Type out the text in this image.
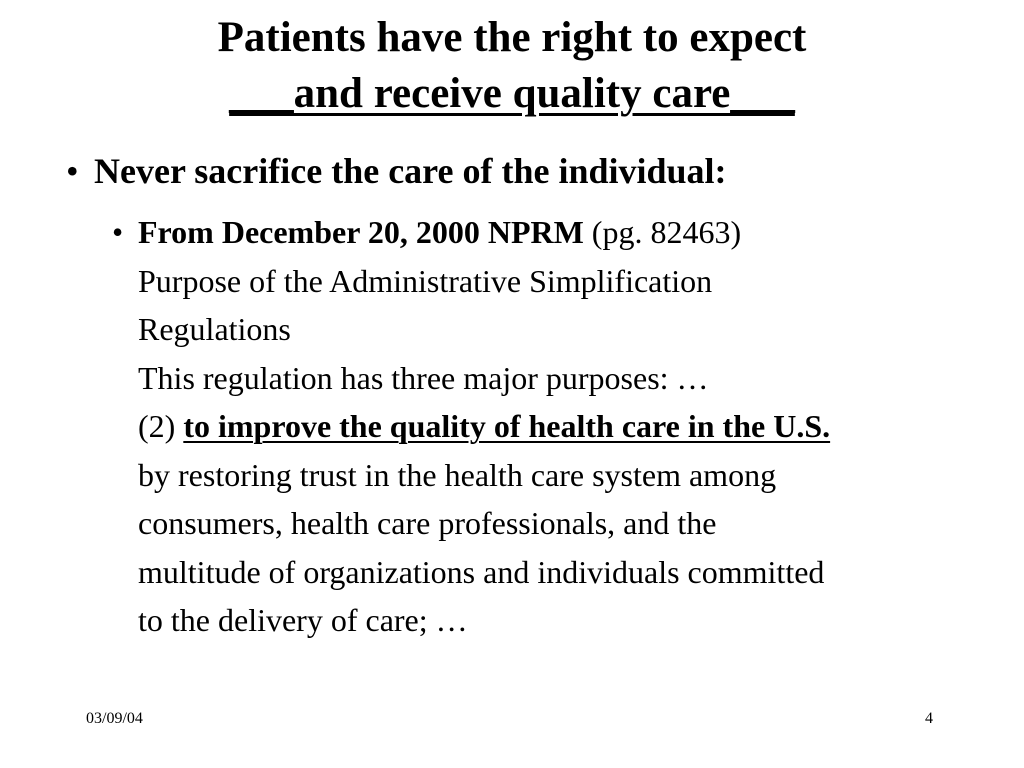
Patients have the right to expect
___and receive quality care___
• Never sacrifice the care of the individual:
• From December 20, 2000 NPRM (pg. 82463)
Purpose of the Administrative Simplification
Regulations
This regulation has three major purposes: …
(2) to improve the quality of health care in the U.S.
by restoring trust in the health care system among
consumers, health care professionals, and the
multitude of organizations and individuals committed
to the delivery of care; …
03/09/04	4
